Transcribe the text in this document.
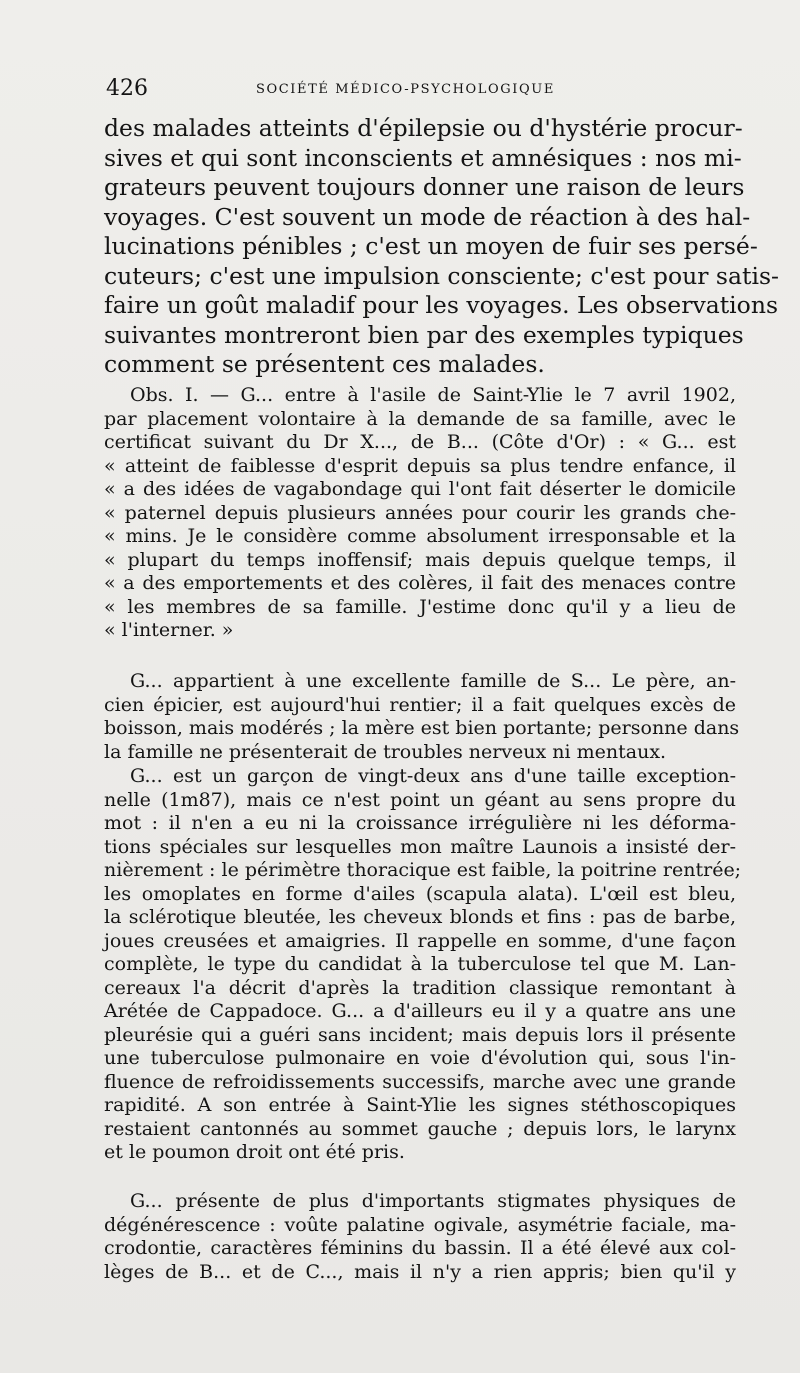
426	SOCIÉTÉ MÉDICO-PSYCHOLOGIQUE
des malades atteints d'épilepsie ou d'hystérie procur-
sives et qui sont inconscients et amnésiques : nos mi-
grateurs peuvent toujours donner une raison de leurs
voyages. C'est souvent un mode de réaction à des hal-
lucinations pénibles ; c'est un moyen de fuir ses persé-
cuteurs; c'est une impulsion consciente; c'est pour satis-
faire un goût maladif pour les voyages. Les observations
suivantes montreront bien par des exemples typiques
comment se présentent ces malades.
Obs. I. — G... entre à l'asile de Saint-Ylie le 7 avril 1902,
par placement volontaire à la demande de sa famille, avec le
certificat suivant du Dr X..., de B... (Côte d'Or) : « G... est
« atteint de faiblesse d'esprit depuis sa plus tendre enfance, il
« a des idées de vagabondage qui l'ont fait déserter le domicile
« paternel depuis plusieurs années pour courir les grands che-
« mins. Je le considère comme absolument irresponsable et la
« plupart du temps inoffensif; mais depuis quelque temps, il
« a des emportements et des colères, il fait des menaces contre
« les membres de sa famille. J'estime donc qu'il y a lieu de
« l'interner. »
G... appartient à une excellente famille de S... Le père, an-
cien épicier, est aujourd'hui rentier; il a fait quelques excès de
boisson, mais modérés ; la mère est bien portante; personne dans
la famille ne présenterait de troubles nerveux ni mentaux.
G... est un garçon de vingt-deux ans d'une taille exception-
nelle (1m87), mais ce n'est point un géant au sens propre du
mot : il n'en a eu ni la croissance irrégulière ni les déforma-
tions spéciales sur lesquelles mon maître Launois a insisté der-
nièrement : le périmètre thoracique est faible, la poitrine rentrée;
les omoplates en forme d'ailes (scapula alata). L'œil est bleu,
la sclérotique bleutée, les cheveux blonds et fins : pas de barbe,
joues creusées et amaigries. Il rappelle en somme, d'une façon
complète, le type du candidat à la tuberculose tel que M. Lan-
cereaux l'a décrit d'après la tradition classique remontant à
Arétée de Cappadoce. G... a d'ailleurs eu il y a quatre ans une
pleurésie qui a guéri sans incident; mais depuis lors il présente
une tuberculose pulmonaire en voie d'évolution qui, sous l'in-
fluence de refroidissements successifs, marche avec une grande
rapidité. A son entrée à Saint-Ylie les signes stéthoscopiques
restaient cantonnés au sommet gauche ; depuis lors, le larynx
et le poumon droit ont été pris.
G... présente de plus d'importants stigmates physiques de
dégénérescence : voûte palatine ogivale, asymétrie faciale, ma-
crodontie, caractères féminins du bassin. Il a été élevé aux col-
lèges de B... et de C..., mais il n'y a rien appris; bien qu'il y
